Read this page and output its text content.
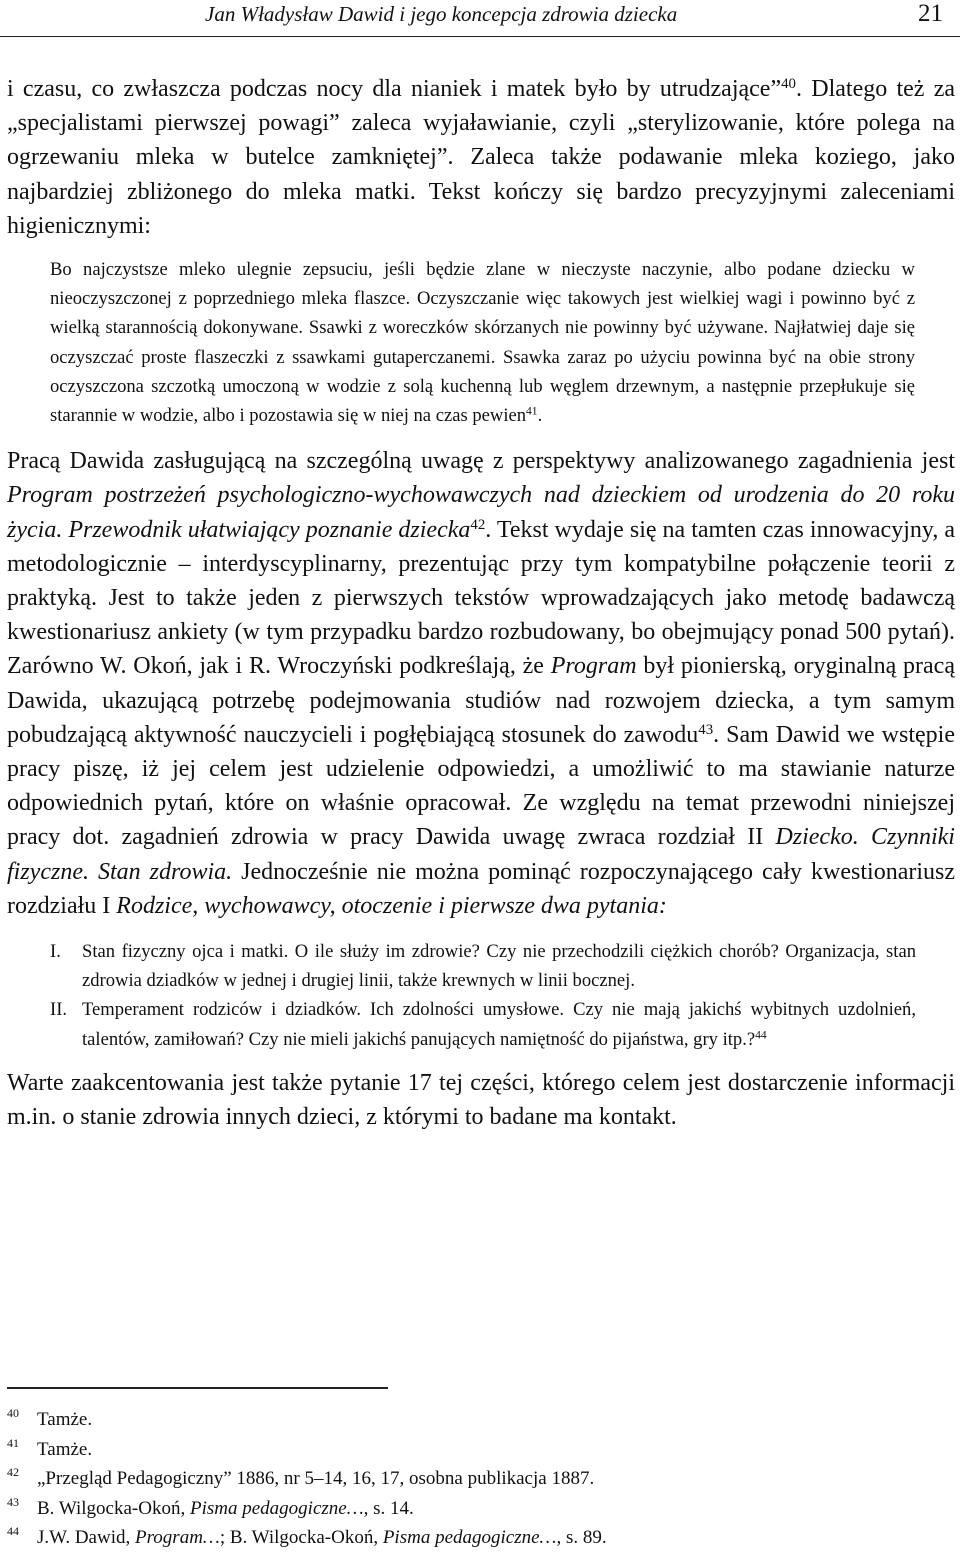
Jan Władysław Dawid i jego koncepcja zdrowia dziecka	21

i czasu, co zwłaszcza podczas nocy dla nianiek i matek było by utrudzające”$^{40}$. Dlatego też za „specjalistami pierwszej powagi” zaleca wyjaławianie, czyli „sterylizowanie, które polega na ogrzewaniu mleka w butelce zamkniętej”. Zaleca także podawanie mleka koziego, jako najbardziej zbliżonego do mleka matki. Tekst kończy się bardzo precyzyjnymi zaleceniami higienicznymi:

Bo najczystsze mleko ulegnie zepsuciu, jeśli będzie zlane w nieczyste naczynie, albo podane dziecku w nieoczyszczonej z poprzedniego mleka flaszce. Oczyszczanie więc takowych jest wielkiej wagi i powinno być z wielką starannością dokonywane. Ssawki z woreczków skórzanych nie powinny być używane. Najłatwiej daje się oczyszczać proste flaszeczki z ssawkami gutaperczanemi. Ssawka zaraz po użyciu powinna być na obie strony oczyszczona szczotką umoczoną w wodzie z solą kuchenną lub węglem drzewnym, a następnie przepłukuje się starannie w wodzie, albo i pozostawia się w niej na czas pewien$^{41}$.

Pracą Dawida zasługującą na szczególną uwagę z perspektywy analizowanego zagadnienia jest Program postrzeżeń psychologiczno-wychowawczych nad dzieckiem od urodzenia do 20 roku życia. Przewodnik ułatwiający poznanie dziecka$^{42}$. Tekst wydaje się na tamten czas innowacyjny, a metodologicznie – interdyscyplinarny, prezentując przy tym kompatybilne połączenie teorii z praktyką. Jest to także jeden z pierwszych tekstów wprowadzających jako metodę badawczą kwestionariusz ankiety (w tym przypadku bardzo rozbudowany, bo obejmujący ponad 500 pytań). Zarówno W. Okoń, jak i R. Wroczyński podkreślają, że Program był pionierską, oryginalną pracą Dawida, ukazującą potrzebę podejmowania studiów nad rozwojem dziecka, a tym samym pobudzającą aktywność nauczycieli i pogłębiającą stosunek do zawodu$^{43}$. Sam Dawid we wstępie pracy piszę, iż jej celem jest udzielenie odpowiedzi, a umożliwić to ma stawianie naturze odpowiednich pytań, które on właśnie opracował. Ze względu na temat przewodni niniejszej pracy dot. zagadnień zdrowia w pracy Dawida uwagę zwraca rozdział II Dziecko. Czynniki fizyczne. Stan zdrowia. Jednocześnie nie można pominąć rozpoczynającego cały kwestionariusz rozdziału I Rodzice, wychowawcy, otoczenie i pierwsze dwa pytania:

I. Stan fizyczny ojca i matki. O ile służy im zdrowie? Czy nie przechodzili ciężkich chorób? Organizacja, stan zdrowia dziadków w jednej i drugiej linii, także krewnych w linii bocznej.
II. Temperament rodziców i dziadków. Ich zdolności umysłowe. Czy nie mają jakichś wybitnych uzdolnień, talentów, zamiłowań? Czy nie mieli jakichś panujących namiętność do pijaństwa, gry itp.?$^{44}$

Warte zaakcentowania jest także pytanie 17 tej części, którego celem jest dostarczenie informacji m.in. o stanie zdrowia innych dzieci, z którymi to badane ma kontakt.

40 Tamże.
41 Tamże.
42 „Przegląd Pedagogiczny” 1886, nr 5–14, 16, 17, osobna publikacja 1887.
43 B. Wilgocka-Okoń, Pisma pedagogiczne…, s. 14.
44 J.W. Dawid, Program…; B. Wilgocka-Okoń, Pisma pedagogiczne…, s. 89.
